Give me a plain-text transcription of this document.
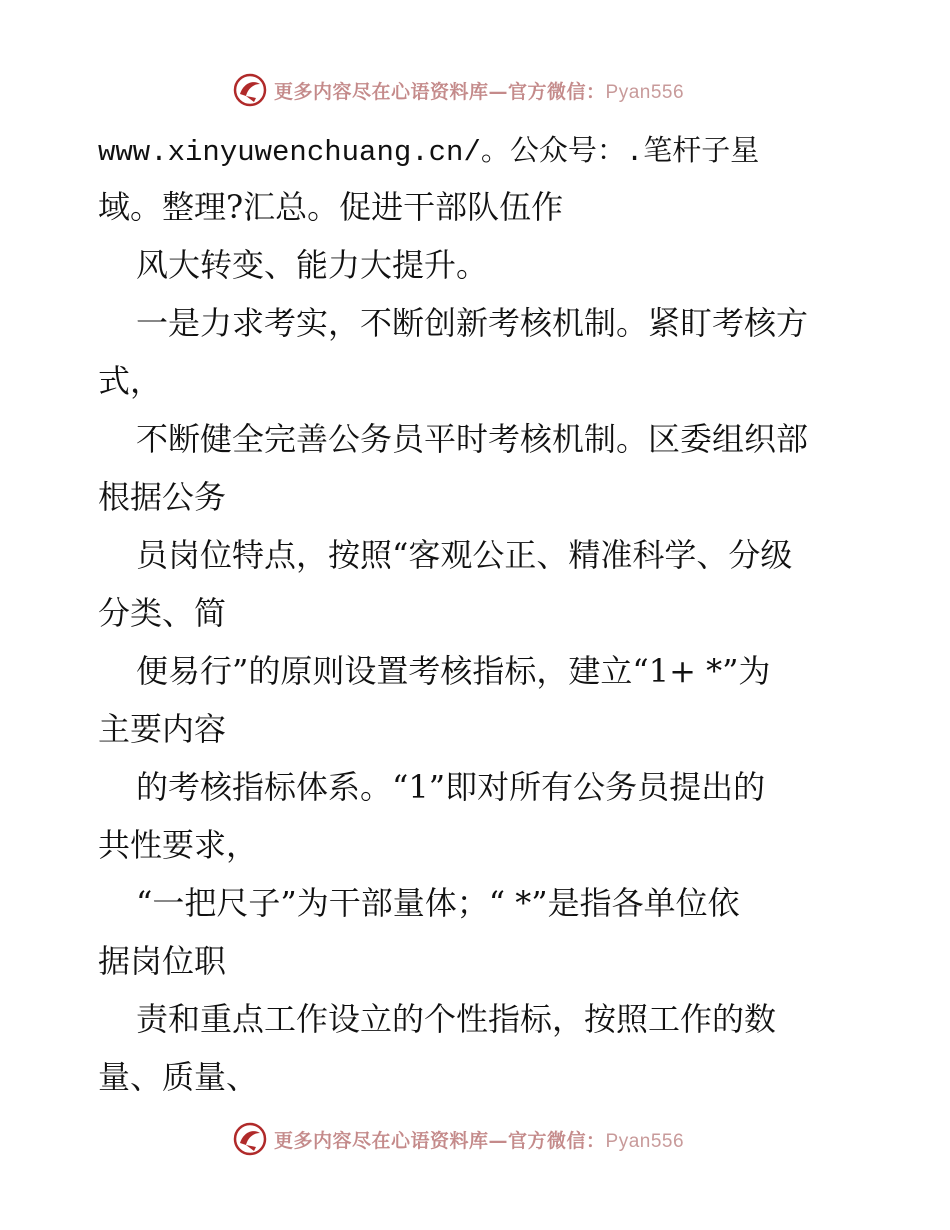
更多内容尽在心语资料库—官方微信：Pyan556
www.xinyuwenchuang.cn/。公众号：.笔杆子星
域。整理?汇总。促进干部队伍作
风大转变、能力大提升。
一是力求考实，不断创新考核机制。紧盯考核方
式，
不断健全完善公务员平时考核机制。区委组织部
根据公务
员岗位特点，按照“客观公正、精准科学、分级
分类、简
便易行”的原则设置考核指标，建立“1+ *”为
主要内容
的考核指标体系。“1”即对所有公务员提出的
共性要求，
“一把尺子”为干部量体；“ *”是指各单位依
据岗位职
责和重点工作设立的个性指标，按照工作的数
量、质量、
更多内容尽在心语资料库—官方微信：Pyan556
